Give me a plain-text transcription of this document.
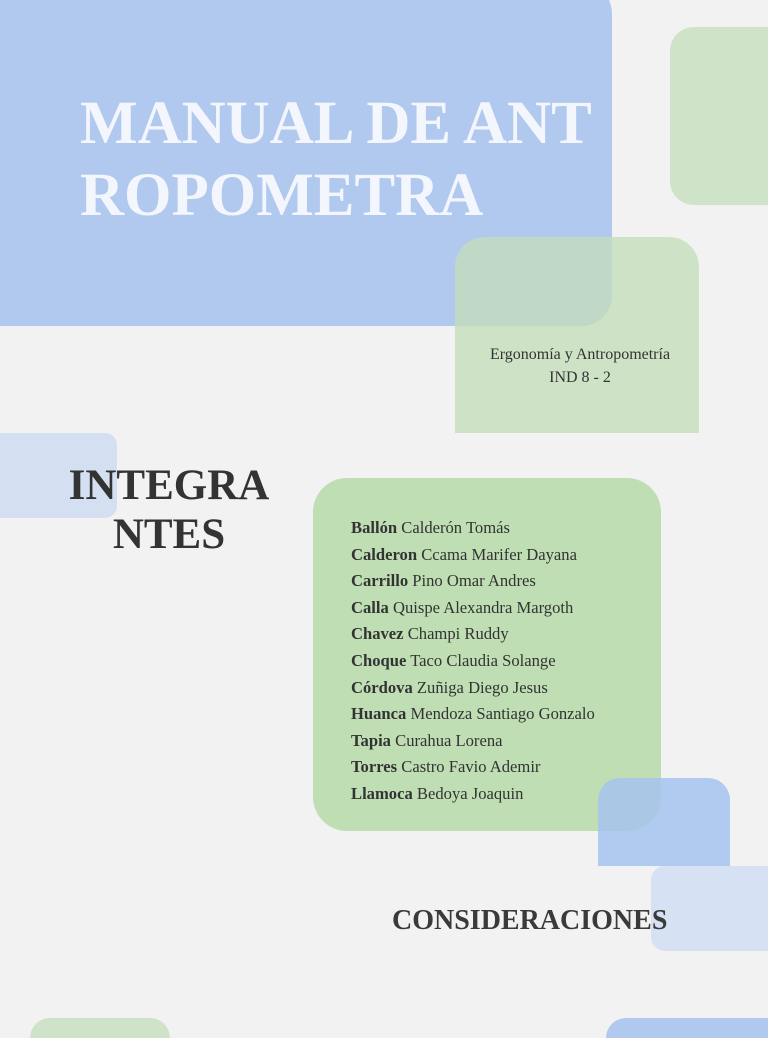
MANUAL DE ANTROPOMETRA
Ergonomía y Antropometría
IND 8 - 2
INTEGRANTES	Ballón Calderón Tomás
Calderon Ccama Marifer Dayana
Carrillo Pino Omar Andres
Calla Quispe Alexandra Margoth
Chavez Champi Ruddy
Choque Taco Claudia Solange
Córdova Zuñiga Diego Jesus
Huanca Mendoza Santiago Gonzalo
Tapia Curahua Lorena
Torres Castro Favio Ademir
Llamoca Bedoya Joaquin
CONSIDERACIONES
